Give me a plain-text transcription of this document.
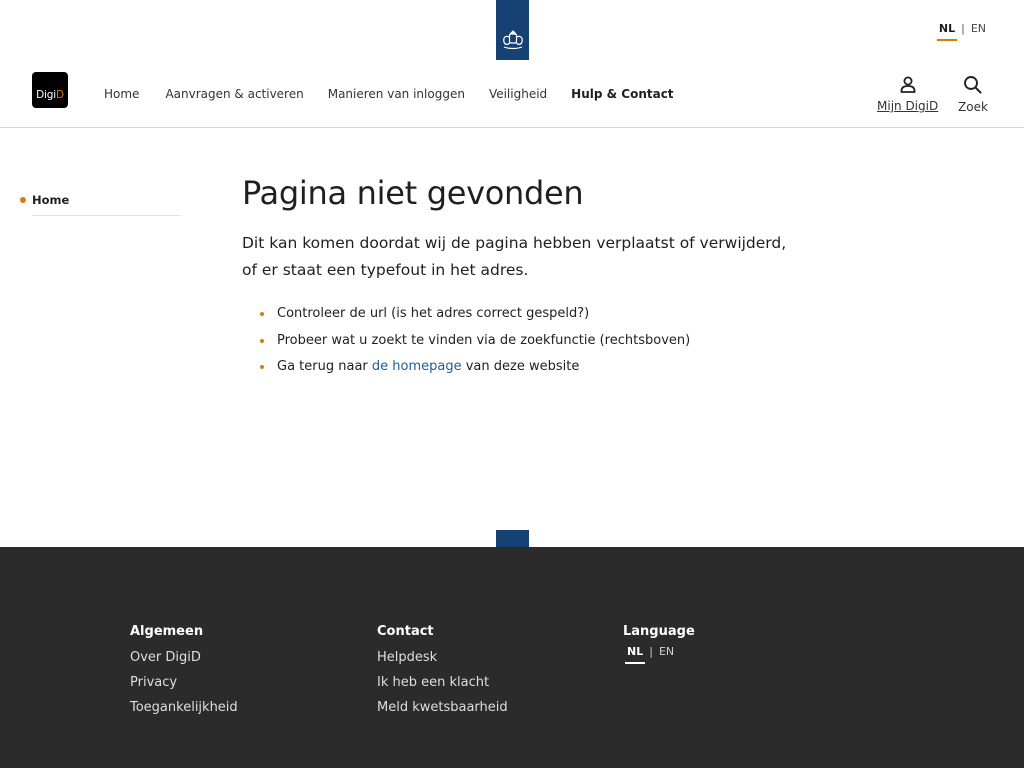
NL | EN
Digi D	Home Aanvragen & activeren Manieren van inloggen Veiligheid Hulp & Contact
Mijn DigiD Zoek
Home	Pagina niet gevonden

Dit kan komen doordat wij de pagina hebben verplaatst of verwijderd, of er staat een typefout in het adres.

Controleer de url (is het adres correct gespeld?)
Probeer wat u zoekt te vinden via de zoekfunctie (rechtsboven)
Ga terug naar de homepage van deze website
Algemeen
Over DigiD
Privacy
Toegankelijkheid
Contact
Helpdesk
Ik heb een klacht
Meld kwetsbaarheid
Language
NL | EN
